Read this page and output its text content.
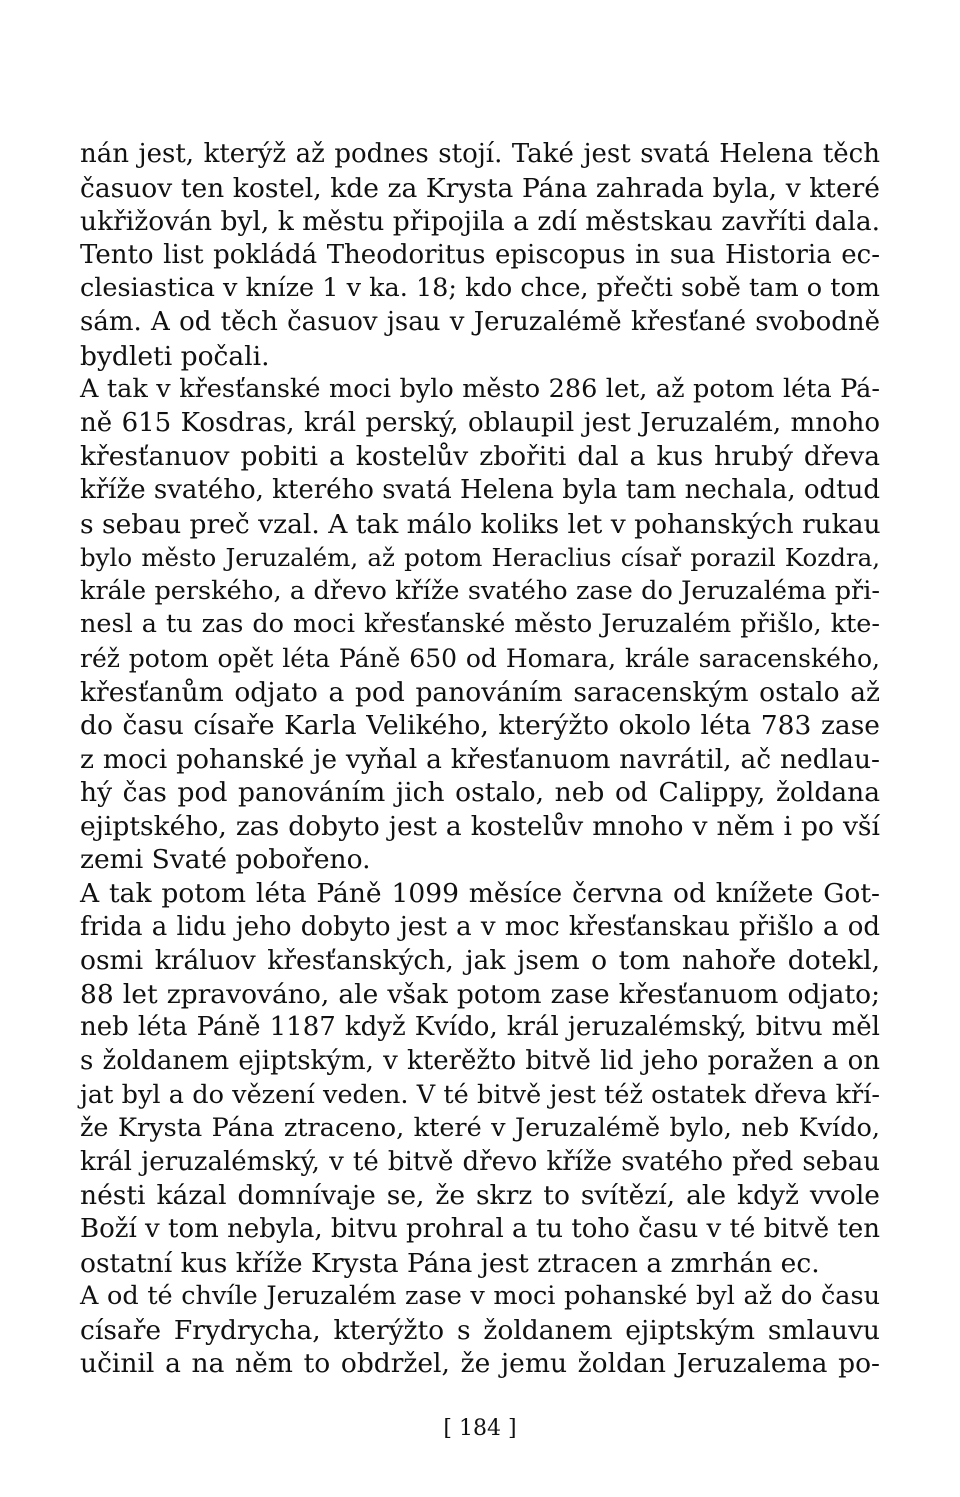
nán jest, kterýž až podnes stojí. Také jest svatá Helena těch
časuov ten kostel, kde za Krysta Pána zahrada byla, v které
ukřižován byl, k městu připojila a zdí městskau zavříti dala.
Tento list pokládá Theodoritus episcopus in sua Historia ec-
clesiastica v kníze 1 v ka. 18; kdo chce, přečti sobě tam o tom
sám. A od těch časuov jsau v Jeruzalémě křesťané svobodně
bydleti počali.
A tak v křesťanské moci bylo město 286 let, až potom léta Pá-
ně 615 Kosdras, král perský, oblaupil jest Jeruzalém, mnoho
křesťanuov pobiti a kostelův zbořiti dal a kus hrubý dřeva
kříže svatého, kterého svatá Helena byla tam nechala, odtud
s sebau preč vzal. A tak málo koliks let v pohanských rukau
bylo město Jeruzalém, až potom Heraclius císař porazil Kozdra,
krále perského, a dřevo kříže svatého zase do Jeruzaléma při-
nesl a tu zas do moci křesťanské město Jeruzalém přišlo, kte-
réž potom opět léta Páně 650 od Homara, krále saracenského,
křesťanům odjato a pod panováním saracenským ostalo až
do času císaře Karla Velikého, kterýžto okolo léta 783 zase
z moci pohanské je vyňal a křesťanuom navrátil, ač nedlau-
hý čas pod panováním jich ostalo, neb od Calippy, žoldana
ejiptského, zas dobyto jest a kostelův mnoho v něm i po vší
zemi Svaté pobořeno.
A tak potom léta Páně 1099 měsíce června od knížete Got-
frida a lidu jeho dobyto jest a v moc křesťanskau přišlo a od
osmi králuov křesťanských, jak jsem o tom nahoře dotekl,
88 let zpravováno, ale však potom zase křesťanuom odjato;
neb léta Páně 1187 když Kvído, král jeruzalémský, bitvu měl
s žoldanem ejiptským, v kterěžto bitvě lid jeho poražen a on
jat byl a do vězení veden. V té bitvě jest též ostatek dřeva kří-
že Krysta Pána ztraceno, které v Jeruzalémě bylo, neb Kvído,
král jeruzalémský, v té bitvě dřevo kříže svatého před sebau
nésti kázal domnívaje se, že skrz to svítězí, ale když vvole
Boží v tom nebyla, bitvu prohral a tu toho času v té bitvě ten
ostatní kus kříže Krysta Pána jest ztracen a zmrhán ec.
A od té chvíle Jeruzalém zase v moci pohanské byl až do času
císaře Frydrycha, kterýžto s žoldanem ejiptským smlauvu
učinil a na něm to obdržel, že jemu žoldan Jeruzalema po-
[ 184 ]
